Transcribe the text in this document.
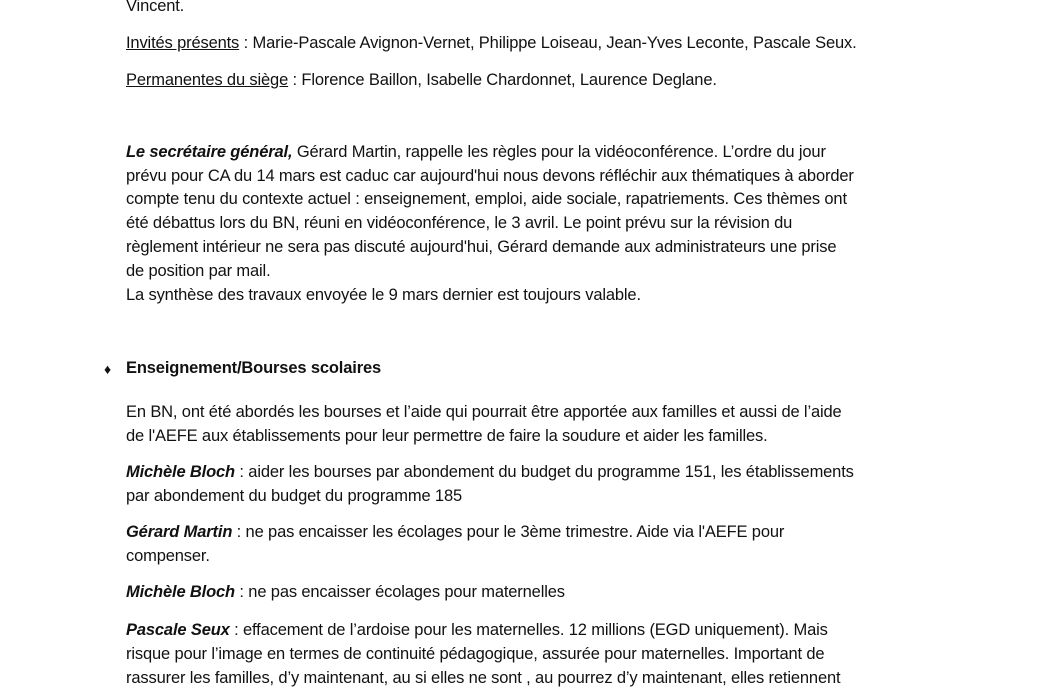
Vincent.
Invités présents : Marie-Pascale Avignon-Vernet, Philippe Loiseau, Jean-Yves Leconte, Pascale Seux.
Permanentes du siège : Florence Baillon, Isabelle Chardonnet, Laurence Deglane.
Le secrétaire général, Gérard Martin, rappelle les règles pour la vidéoconférence. L’ordre du jour
prévu pour CA du 14 mars est caduc car aujourd'hui nous devons réfléchir aux thématiques à aborder
compte tenu du contexte actuel : enseignement, emploi, aide sociale, rapatriements. Ces thèmes ont
été débattus lors du BN, réuni en vidéoconférence, le 3 avril. Le point prévu sur la révision du
règlement intérieur ne sera pas discuté aujourd'hui, Gérard demande aux administrateurs une prise
de position par mail.
La synthèse des travaux envoyée le 9 mars dernier est toujours valable.
♦ Enseignement/Bourses scolaires
En BN, ont été abordés les bourses et l’aide qui pourrait être apportée aux familles et aussi de l’aide
de l'AEFE aux établissements pour leur permettre de faire la soudure et aider les familles.
Michèle Bloch : aider les bourses par abondement du budget du programme 151, les établissements
par abondement du budget du programme 185
Gérard Martin : ne pas encaisser les écolages pour le 3ème trimestre. Aide via l'AEFE pour
compenser.
Michèle Bloch : ne pas encaisser écolages pour maternelles
Pascale Seux : effacement de l’ardoise pour les maternelles. 12 millions (EGD uniquement). Mais
risque pour l’image en termes de continuité pédagogique, assurée pour maternelles. Important de
rassurer les familles, d’y maintenant, au si elles ne sont , au pourrez d’y maintenant, elles retiennent
